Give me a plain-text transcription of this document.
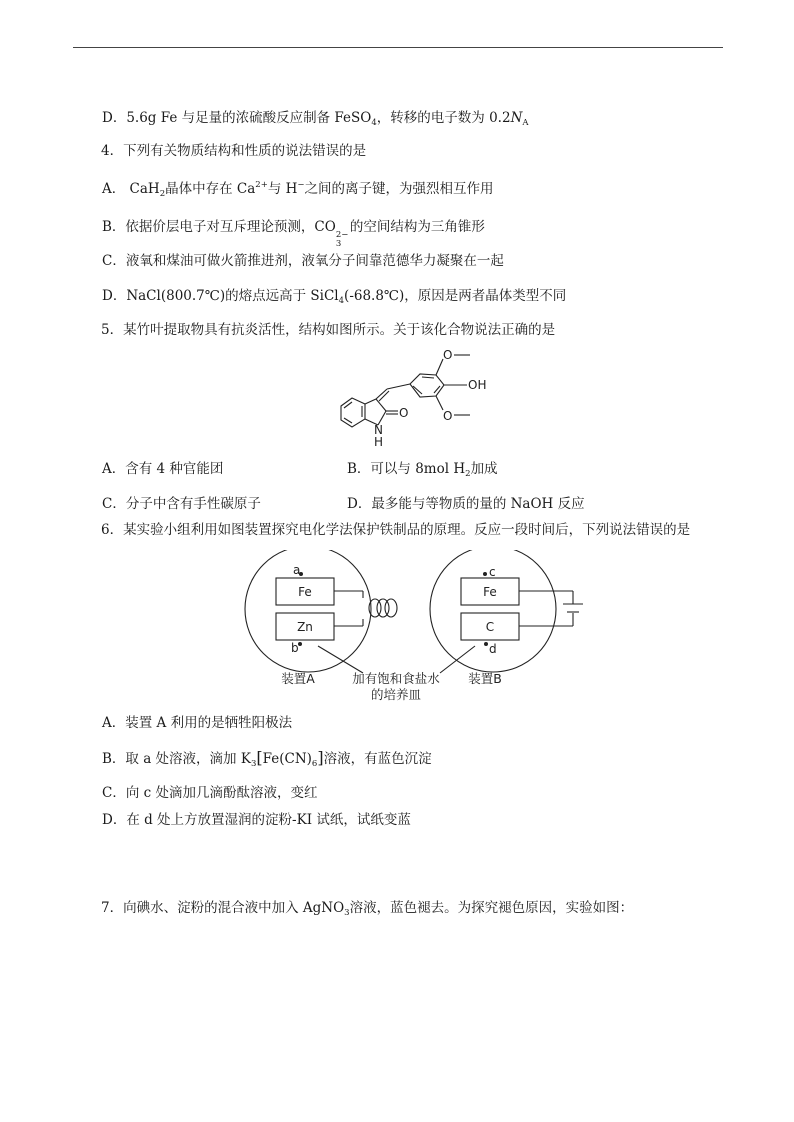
D．5.6g Fe 与足量的浓硫酸反应制备 FeSO$_4$，转移的电子数为 $0.2N_A$
4．下列有关物质结构和性质的说法错误的是
A． CaH$_2$晶体中存在 $Ca^{2+}$与 H−之间的离子键，为强烈相互作用
B．依据价层电子对互斥理论预测，CO 2−
3
的空间结构为三角锥形
C．液氧和煤油可做火箭推进剂，液氧分子间靠范德华力凝聚在一起
D．NaCl(800.7℃)的熔点远高于 SiCl$_4$(-68.8℃)，原因是两者晶体类型不同
5．某竹叶提取物具有抗炎活性，结构如图所示。关于该化合物说法正确的是
O
O
OH
O
N
H
A．含有 4 种官能团	B．可以与 8mol $H_2$加成
C．分子中含有手性碳原子	D．最多能与等物质的量的 NaOH 反应
6．某实验小组利用如图装置探究电化学法保护铁制品的原理。反应一段时间后，下列说法错误的是
a
b
c
d
Fe
Zn
Fe
C
装置A	装置B
加有饱和食盐水
的培养皿
A．装置 A 利用的是牺牲阳极法
B．取 a 处溶液，滴加 $K_3[Fe(CN)_6]$溶液，有蓝色沉淀
C．向 c 处滴加几滴酚酞溶液，变红
D．在 d 处上方放置湿润的淀粉-KI 试纸，试纸变蓝
7．向碘水、淀粉的混合液中加入 AgNO$_3$溶液，蓝色褪去。为探究褪色原因，实验如图：
